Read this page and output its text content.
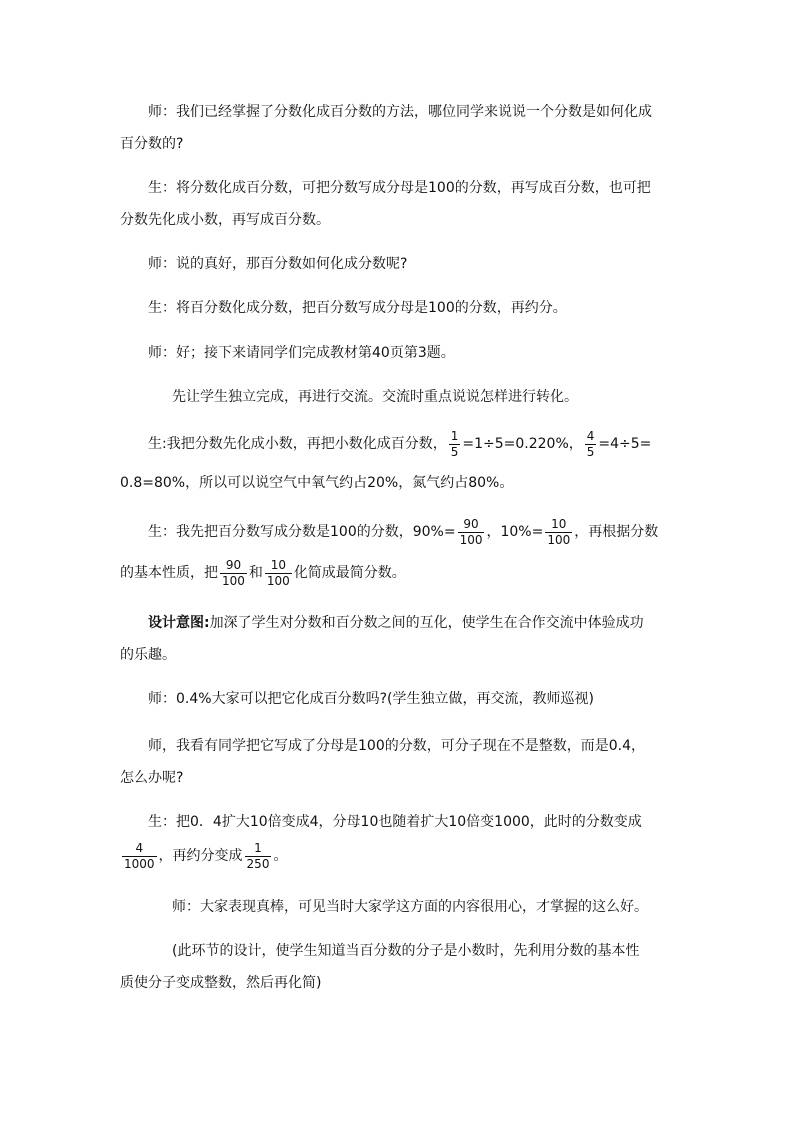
师：我们已经掌握了分数化成百分数的方法，哪位同学来说说一个分数是如何化成
百分数的?
生：将分数化成百分数，可把分数写成分母是100的分数，再写成百分数，也可把
分数先化成小数，再写成百分数。
师：说的真好，那百分数如何化成分数呢?
生：将百分数化成分数，把百分数写成分母是100的分数，再约分。
师：好；接下来请同学们完成教材第40页第3题。
先让学生独立完成，再进行交流。交流时重点说说怎样进行转化。
生:我把分数先化成小数，再把小数化成百分数， $\frac{1}{5} =1\div 5=0.220\%$， $\frac{4}{5} =4\div 5=$
0.8=80%，所以可以说空气中氧气约占20%，氮气约占80%。
生：我先把百分数写成分数是100的分数，$90\%= \frac{90}{100}$ ，$10\%= \frac{10}{100}$ ，再根据分数
的基本性质，把 $\frac{90}{100}$ 和 $\frac{10}{100}$ 化简成最简分数。
设计意图:加深了学生对分数和百分数之间的互化，使学生在合作交流中体验成功
的乐趣。
师：0.4%大家可以把它化成百分数吗?(学生独立做，再交流，教师巡视)
师，我看有同学把它写成了分母是100的分数，可分子现在不是整数，而是0.4，
怎么办呢?
生：把0．4扩大10倍变成4，分母10也随着扩大10倍变1000，此时的分数变成
$\frac{4}{1000}$ ，再约分变成 $\frac{1}{250}$ 。
师：大家表现真棒，可见当时大家学这方面的内容很用心，才掌握的这么好。
(此环节的设计，使学生知道当百分数的分子是小数时，先利用分数的基本性
质使分子变成整数，然后再化简)
